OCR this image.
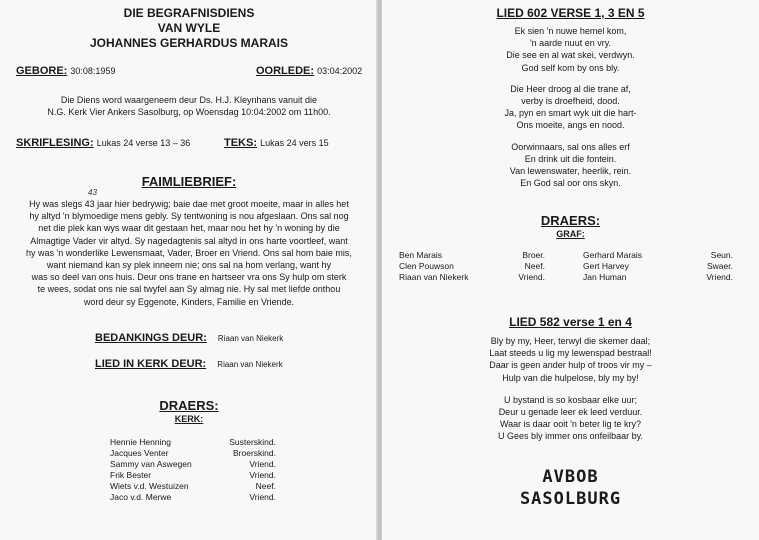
DIE BEGRAFNISDIENS
VAN WYLE
JOHANNES GERHARDUS MARAIS
GEBORE: 30:08:1959	OORLEDE: 03:04:2002
Die Diens word waargeneem deur Ds. H.J. Kleynhans vanuit die
N.G. Kerk Vier Ankers Sasolburg, op Woensdag 10:04:2002 om 11h00.
SKRIFLESING: Lukas 24 verse 13 – 36	TEKS: Lukas 24 vers 15
FAIMLIEBRIEF:
43
Hy was slegs 43 jaar hier bedrywig; baie dae met groot moeite, maar in alles het
hy altyd 'n blymoedige mens gebly. Sy tentwoning is nou afgeslaan. Ons sal nog
net die plek kan wys waar dit gestaan het, maar nou het hy 'n woning by die
Almagtige Vader vir altyd. Sy nagedagtenis sal altyd in ons harte voortleef, want
hy was 'n wonderlike Lewensmaat, Vader, Broer en Vriend. Ons sal hom baie mis,
want niemand kan sy plek inneem nie; ons sal na hom verlang, want hy
was so deel van ons huis. Deur ons trane en hartseer vra ons Sy hulp om sterk
te wees, sodat ons nie sal twyfel aan Sy almag nie. Hy sal met liefde onthou
word deur sy Eggenote, Kinders, Familie en Vriende.
BEDANKINGS DEUR: Riaan van Niekerk
LIED IN KERK DEUR: Riaan van Niekerk
DRAERS:
KERK:
Hennie Henning	Susterskind.
Jacques Venter	Broerskind.
Sammy van Aswegen	Vriend.
Frik Bester	Vriend.
Wiets v.d. Westuizen	Neef.
Jaco v.d. Merwe	Vriend.
LIED 602 VERSE 1, 3 EN 5
Ek sien 'n nuwe hemel kom,
'n aarde nuut en vry.
Die see en al wat skei, verdwyn.
God self kom by ons bly.
Die Heer droog al die trane af,
verby is droefheid, dood.
Ja, pyn en smart wyk uit die hart-
Ons moeite, angs en nood.
Oorwinnaars, sal ons alles erf
En drink uit die fontein.
Van lewenswater, heerlik, rein.
En God sal oor ons skyn.
DRAERS:
GRAF:
Ben Marais	Broer.	Gerhard Marais	Seun.
Clen Pouwson	Neef.	Gert Harvey	Swaer.
Riaan van Niekerk	Vriend.	Jan Human	Vriend.
LIED 582 verse 1 en 4
Bly by my, Heer, terwyl die skemer daal;
Laat steeds u lig my lewenspad bestraal!
Daar is geen ander hulp of troos vir my –
Hulp van die hulpelose, bly my by!
U bystand is so kosbaar elke uur;
Deur u genade leer ek leed verduur.
Waar is daar ooit 'n beter lig te kry?
U Gees bly immer ons onfeilbaar by.
AVBOB
SASOLBURG
